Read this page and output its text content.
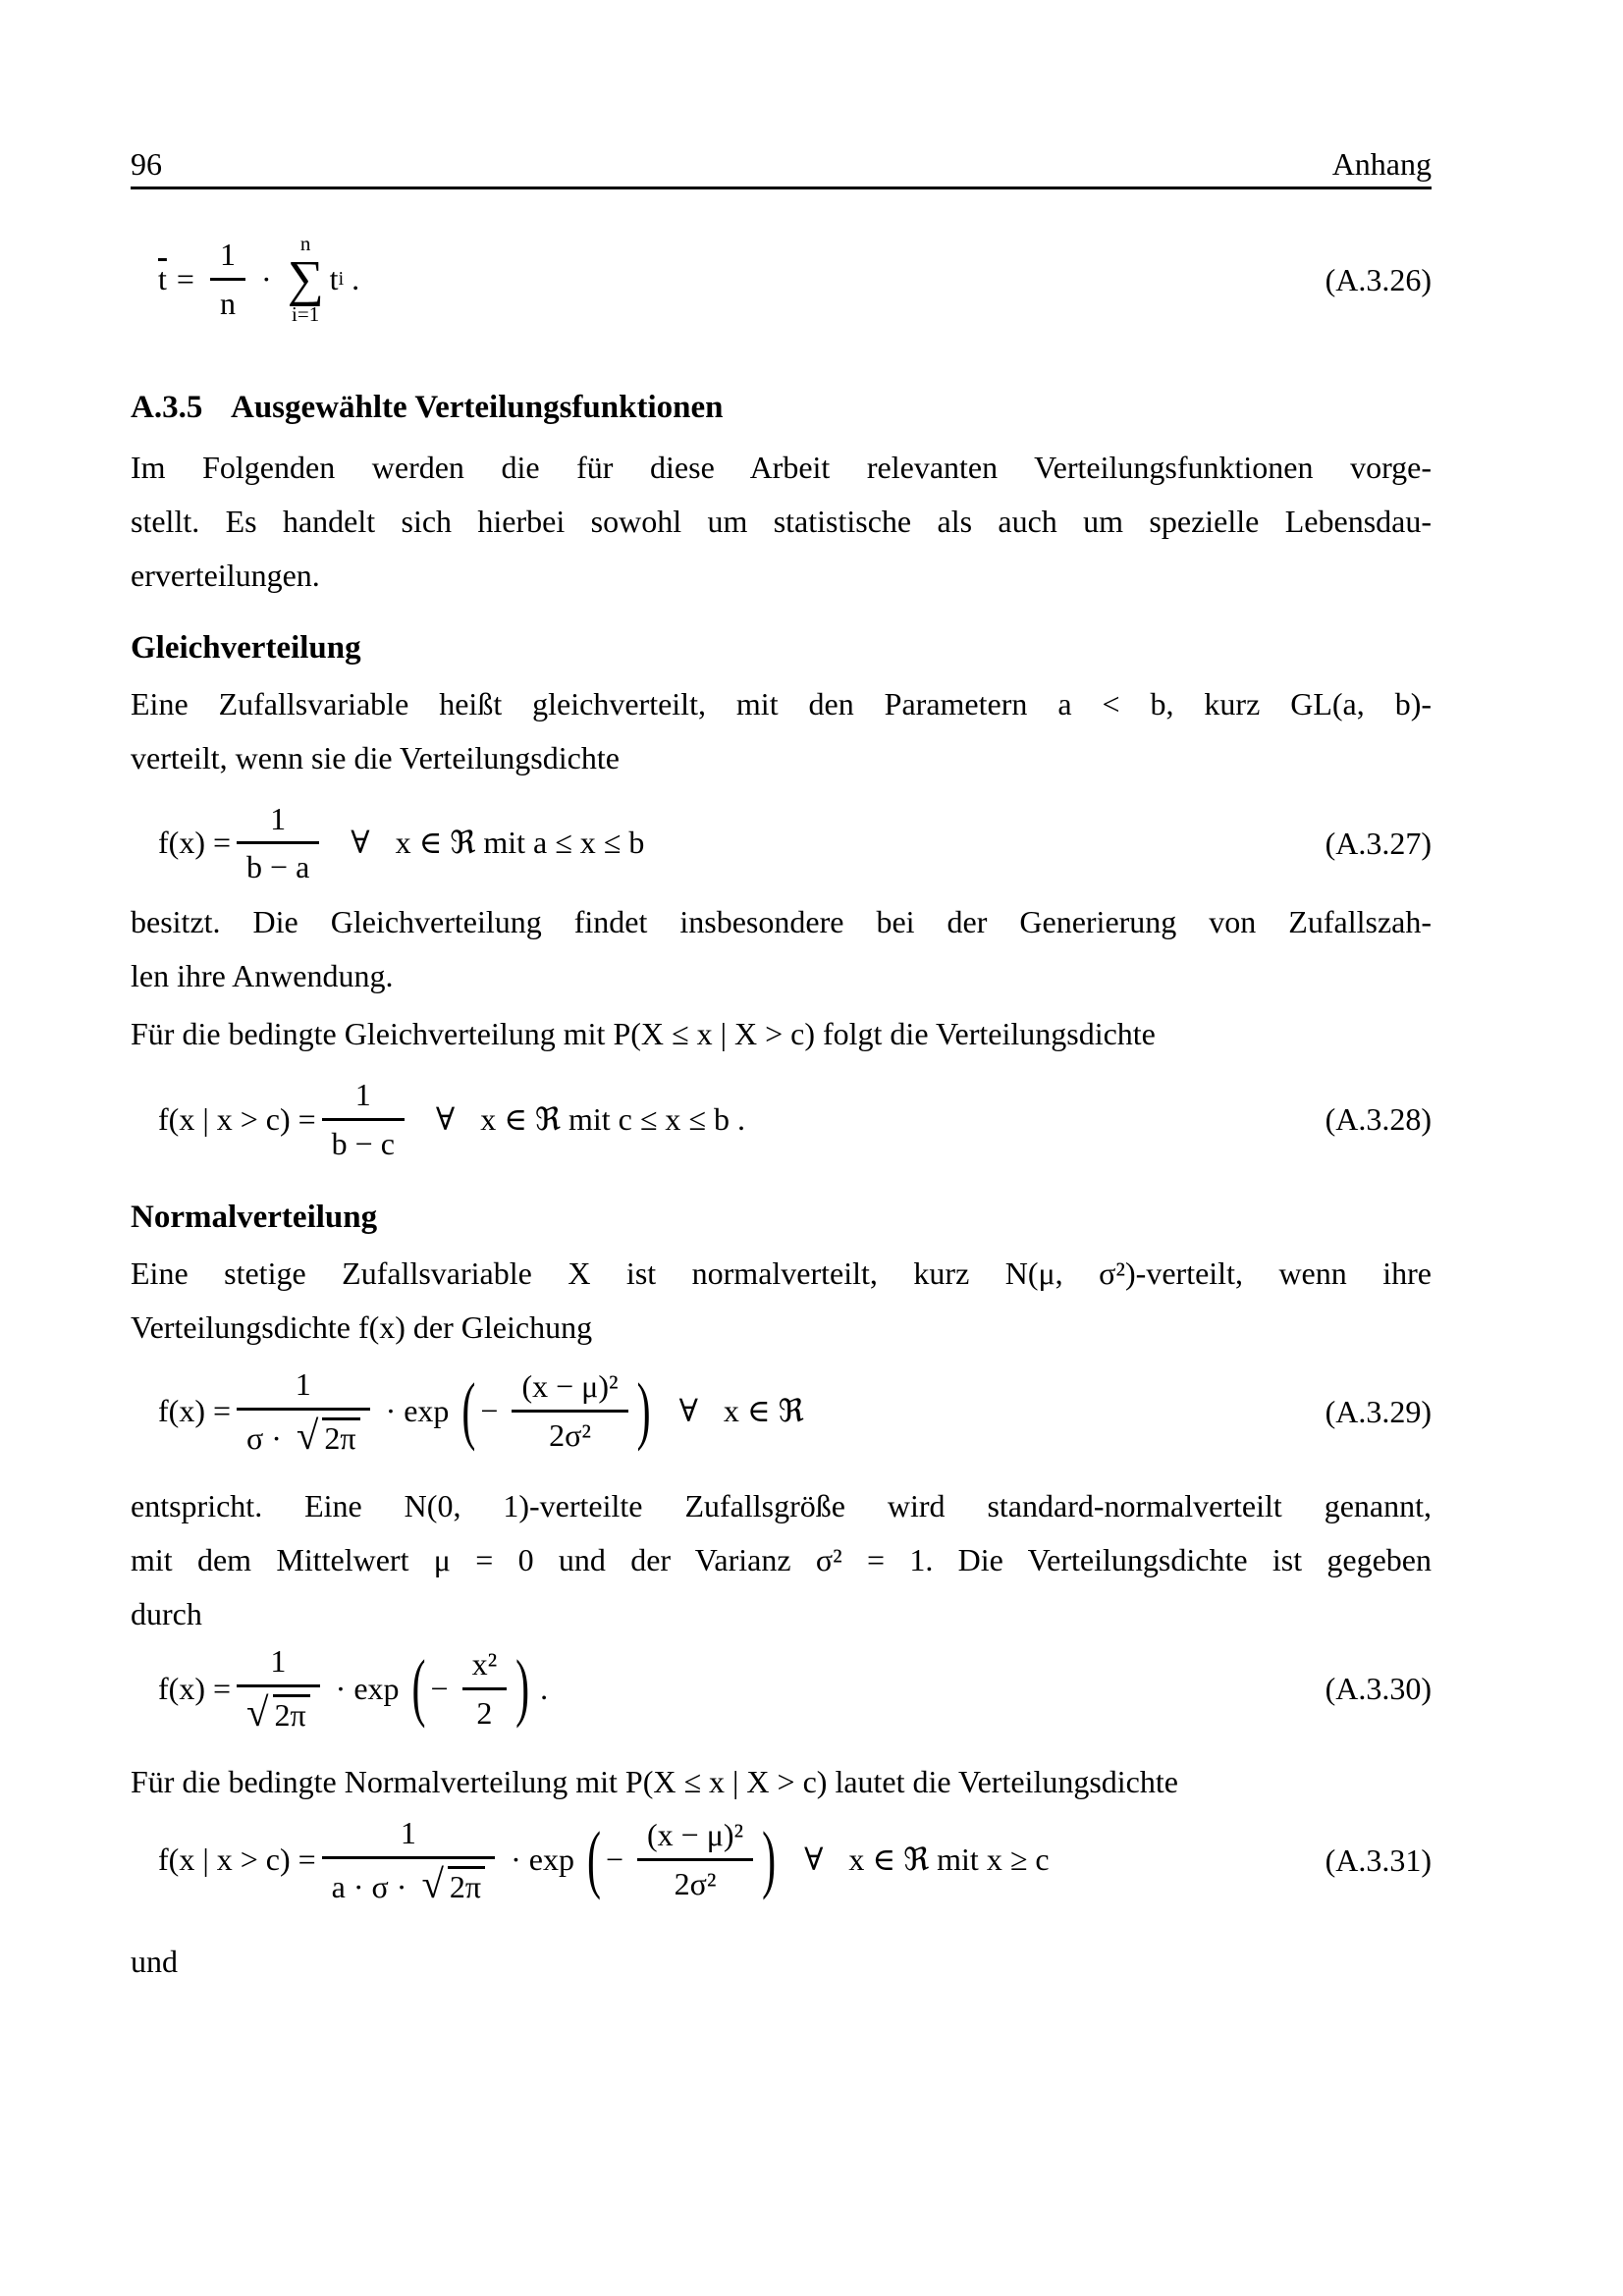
96	Anhang
$\overline{t} = \frac{1}{n}$ ·
n
∑
i=1
t i .	(A.3.26)
A.3.5 Ausgewählte Verteilungsfunktionen
Im Folgenden werden die für diese Arbeit relevanten Verteilungsfunktionen vorge-
stellt. Es handelt sich hierbei sowohl um statistische als auch um spezielle Lebensdau-
erverteilungen.
Gleichverteilung
Eine Zufallsvariable heißt gleichverteilt, mit den Parametern a < b, kurz GL(a, b)-
verteilt, wenn sie die Verteilungsdichte
$f(x) = \frac{1}{b - a}$ ∀ x ∈ ℜ mit a ≤ x ≤ b	(A.3.27)
besitzt. Die Gleichverteilung findet insbesondere bei der Generierung von Zufallszah-
len ihre Anwendung.
Für die bedingte Gleichverteilung mit P(X ≤ x | X > c) folgt die Verteilungsdichte
f(x | $x > c) = \frac{1}{b - c}$ ∀ x ∈ ℜ mit c ≤ x ≤ b .	(A.3.28)
Normalverteilung
Eine stetige Zufallsvariable X ist normalverteilt, kurz N(μ, σ²)-verteilt, wenn ihre
Verteilungsdichte f(x) der Gleichung
$f(x) = \frac{1}{\sigma \cdot √ 2\pi} \cdot \exp$ ( − $\frac{\text{(x − μ)²}}{\text{2σ²}}$ ) ∀ x ∈ ℜ	(A.3.29)
entspricht. Eine N(0, 1)-verteilte Zufallsgröße wird standard-normalverteilt genannt,
mit dem Mittelwert μ = 0 und der Varianz σ² = 1. Die Verteilungsdichte ist gegeben
durch
$f(x) = \frac{1}{√ 2\pi} \cdot \exp$ ( − $\frac{\text{x²}}{2}$ ) .	(A.3.30)
Für die bedingte Normalverteilung mit P(X ≤ x | X > c) lautet die Verteilungsdichte
f(x | $x > c) = \frac{1}{a \cdot \sigma \cdot √ 2\pi} \cdot \exp$ ( − $\frac{\text{(x − μ)²}}{\text{2σ²}}$ ) ∀ x ∈ ℜ mit x ≥ c	(A.3.31)
und
